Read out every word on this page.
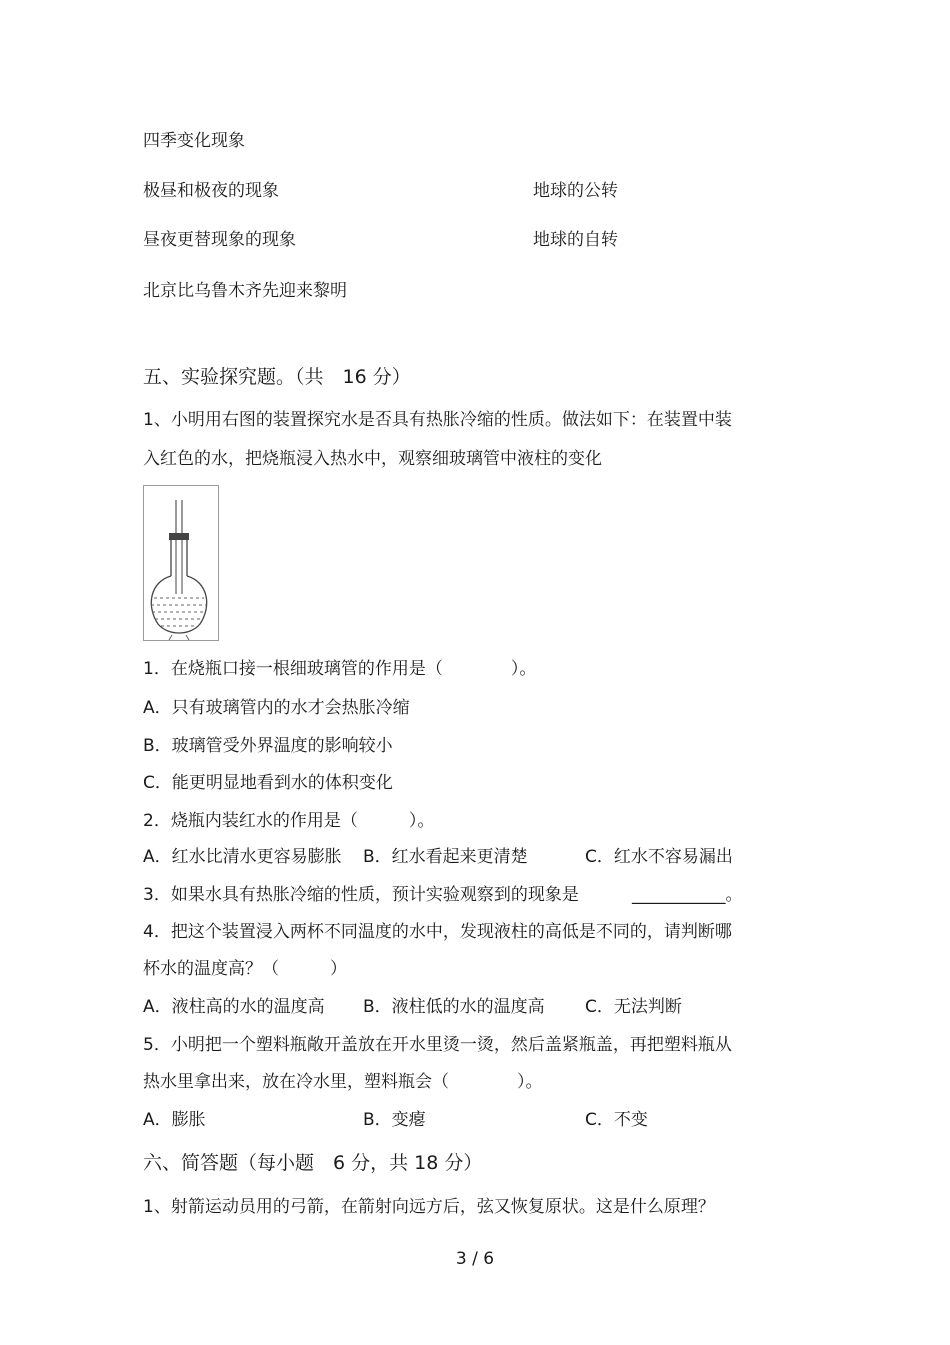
四季变化现象
极昼和极夜的现象	地球的公转
昼夜更替现象的现象	地球的自转
北京比乌鲁木齐先迎来黎明
五、实验探究题。（共　16 分）
1、小明用右图的装置探究水是否具有热胀冷缩的性质。做法如下：在装置中装
入红色的水，把烧瓶浸入热水中，观察细玻璃管中液柱的变化
1．在烧瓶口接一根细玻璃管的作用是（　　　　）。
A．只有玻璃管内的水才会热胀冷缩
B．玻璃管受外界温度的影响较小
C．能更明显地看到水的体积变化
2．烧瓶内装红水的作用是（　　　）。
A．红水比清水更容易膨胀 B．红水看起来更清楚	C．红水不容易漏出
3．如果水具有热胀冷缩的性质，预计实验观察到的现象是	___________。
4．把这个装置浸入两杯不同温度的水中，发现液柱的高低是不同的，请判断哪
杯水的温度高？（　　　）
A．液柱高的水的温度高 B．液柱低的水的温度高 C．无法判断
5．小明把一个塑料瓶敞开盖放在开水里烫一烫，然后盖紧瓶盖，再把塑料瓶从
热水里拿出来，放在冷水里，塑料瓶会（　　　　）。
A．膨胀	B．变瘪	C．不变
六、简答题（每小题　6 分，共 18 分）
1、射箭运动员用的弓箭，在箭射向远方后，弦又恢复原状。这是什么原理？
3 / 6
